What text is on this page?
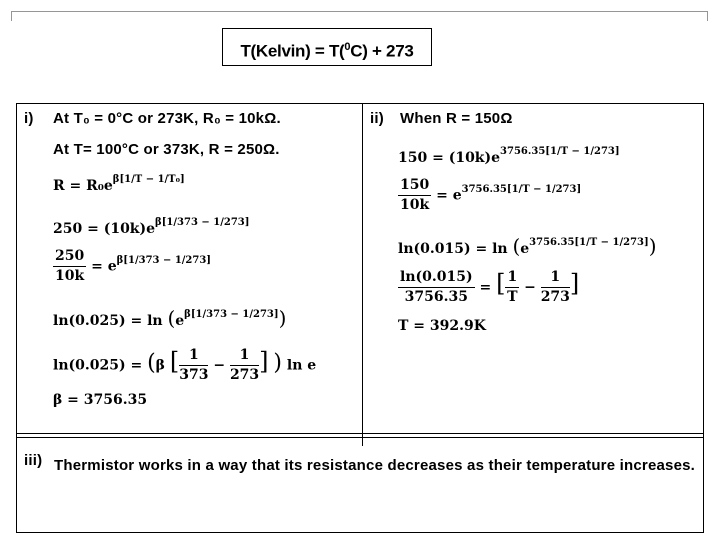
T(Kelvin) = T($^0$C) + 273
i) At T₀ = 0°C or 273K, R₀ = 10kΩ.
At T= 100°C or 373K, R = 250Ω.
$R = R_0e^{\beta[1/T - 1/T_0]}$
$250 = (10k)e^{\beta[1/373 - 1/273]}$
$\frac{250}{10k} = e^{\beta[1/373 - 1/273]}$
$\ln(0.025) = \ln (e^{\beta[1/373 - 1/273]})$
ln(0.025) = (β [ $\frac{1}{373} - \frac{1}{273}$ ] ) ln e
β = 3756.35
ii) When R = 150Ω
$150 = (10k)e^{3756.35[1/T - 1/273]}$
$\frac{150}{10k} = e^{3756.35[1/T - 1/273]}$
$\ln(0.015) = \ln (e^{3756.35[1/T - 1/273]})$
$\frac{\ln(0.015)}{3756.35}$ = [ $\frac{1}{T} - \frac{1}{273}$ ]
T = 392.9K
iii) Thermistor works in a way that its resistance decreases as their temperature increases.
